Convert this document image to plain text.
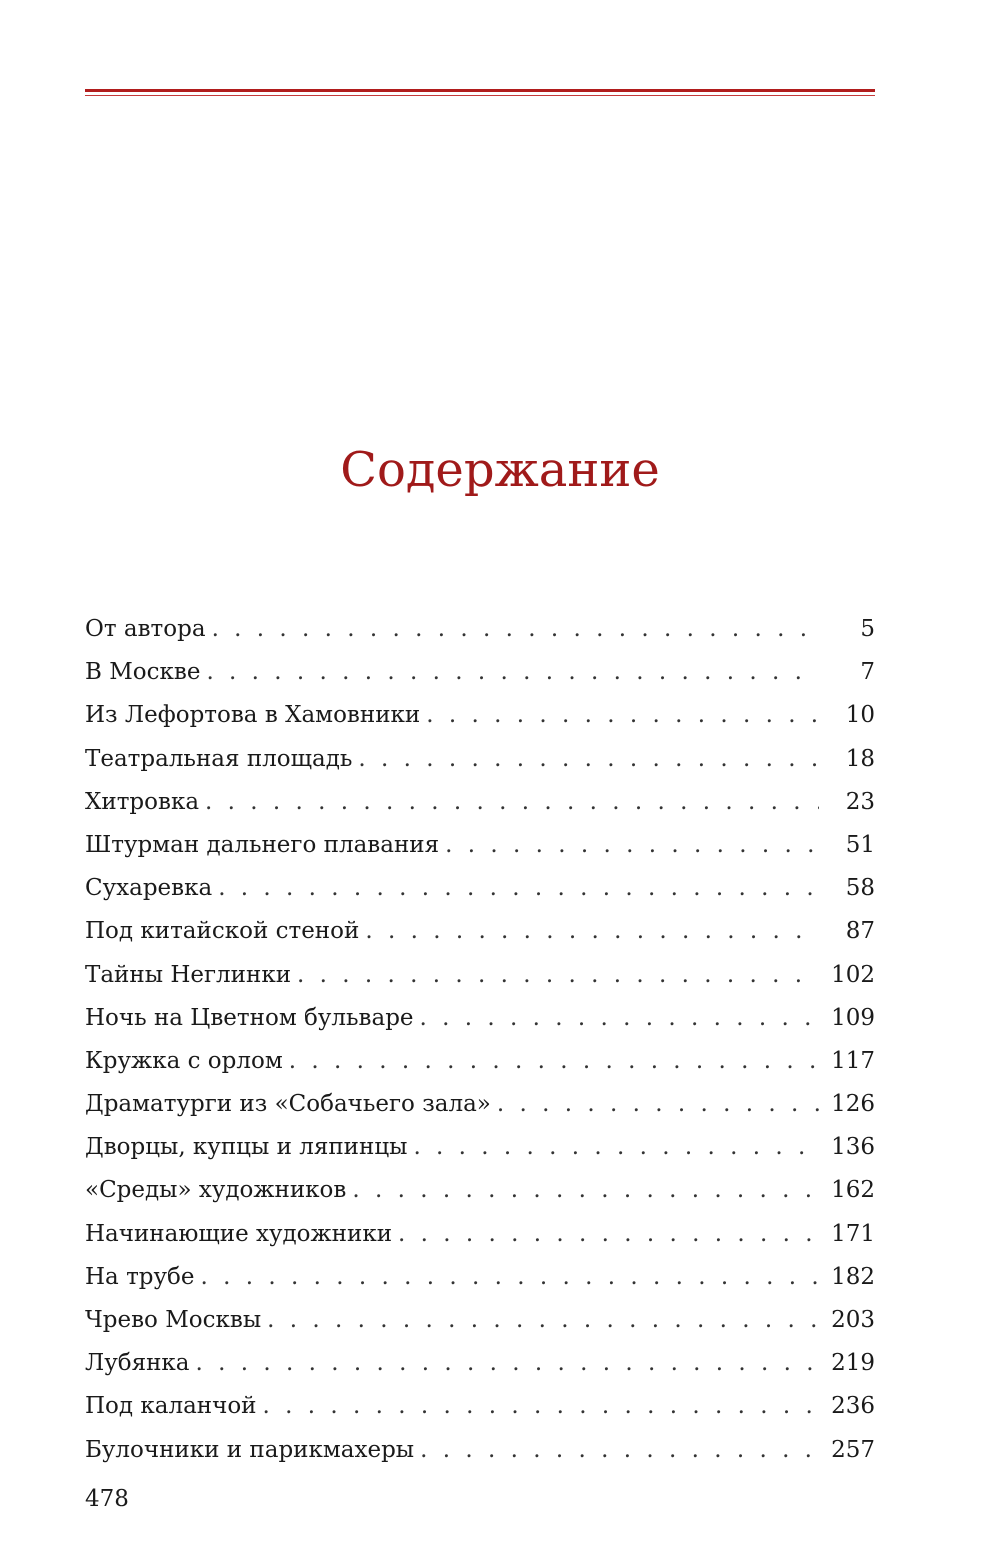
Содержание
От автора . . .	5
В Москве . . .	7
Из Лефортова в Хамовники . . .	10
Театральная площадь . . .	18
Хитровка . . .	23
Штурман дальнего плавания . . .	51
Сухаревка . . .	58
Под китайской стеной . . .	87
Тайны Неглинки . . .	102
Ночь на Цветном бульваре . . .	109
Кружка с орлом . . .	117
Драматурги из «Собачьего зала» . . .	126
Дворцы, купцы и ляпинцы . . .	136
«Среды» художников . . .	162
Начинающие художники . . .	171
На трубе . . .	182
Чрево Москвы . . .	203
Лубянка . . .	219
Под каланчой . . .	236
Булочники и парикмахеры . . .	257
478
